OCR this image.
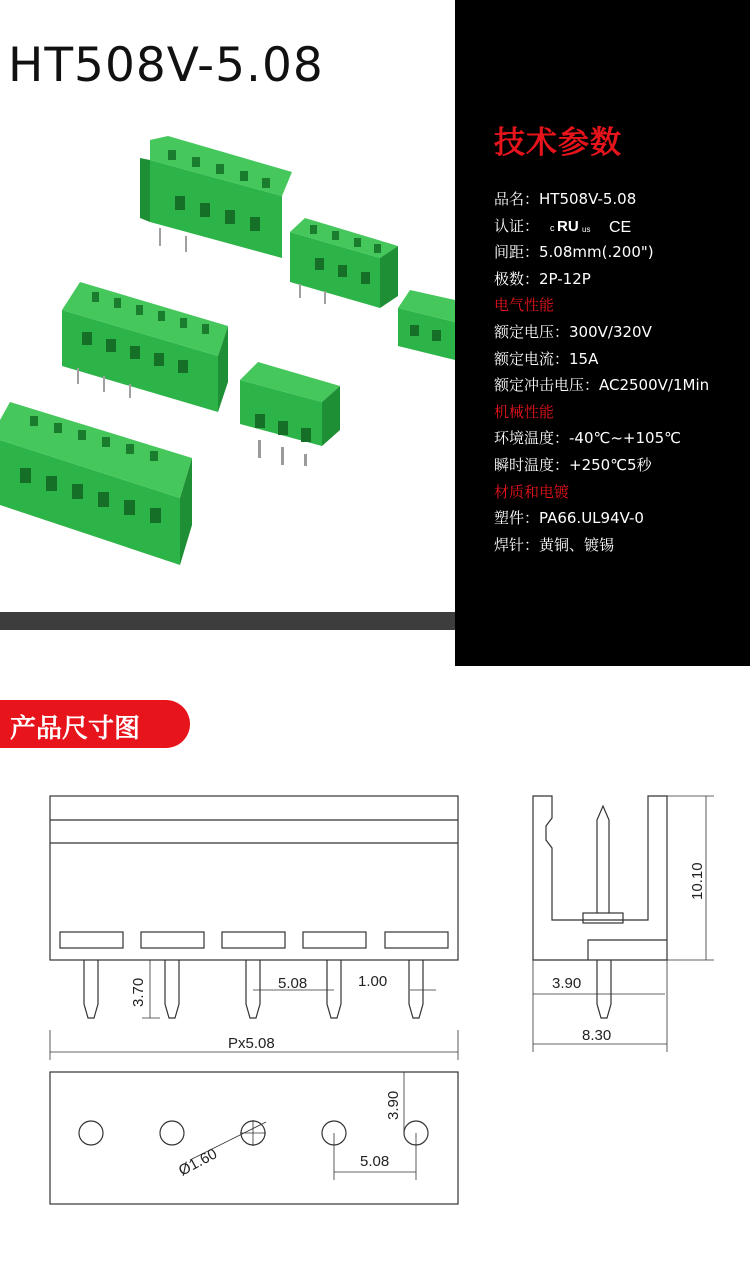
HT508V-5.08
技术参数
品名：HT508V-5.08
认证： c RU us
CE
间距：5.08mm(.200")
极数：2P-12P
电气性能
额定电压：300V/320V
额定电流：15A
额定冲击电压：AC2500V/1Min
机械性能
环境温度：-40℃~+105℃
瞬时温度：+250℃5秒
材质和电镀
塑件：PA66.UL94V-0
焊针：黄铜、镀锡
产品尺寸图
3.70	5.08	1.00
Px5.08
10.10
3.90
8.30
3.90
Ø1.60	5.08
